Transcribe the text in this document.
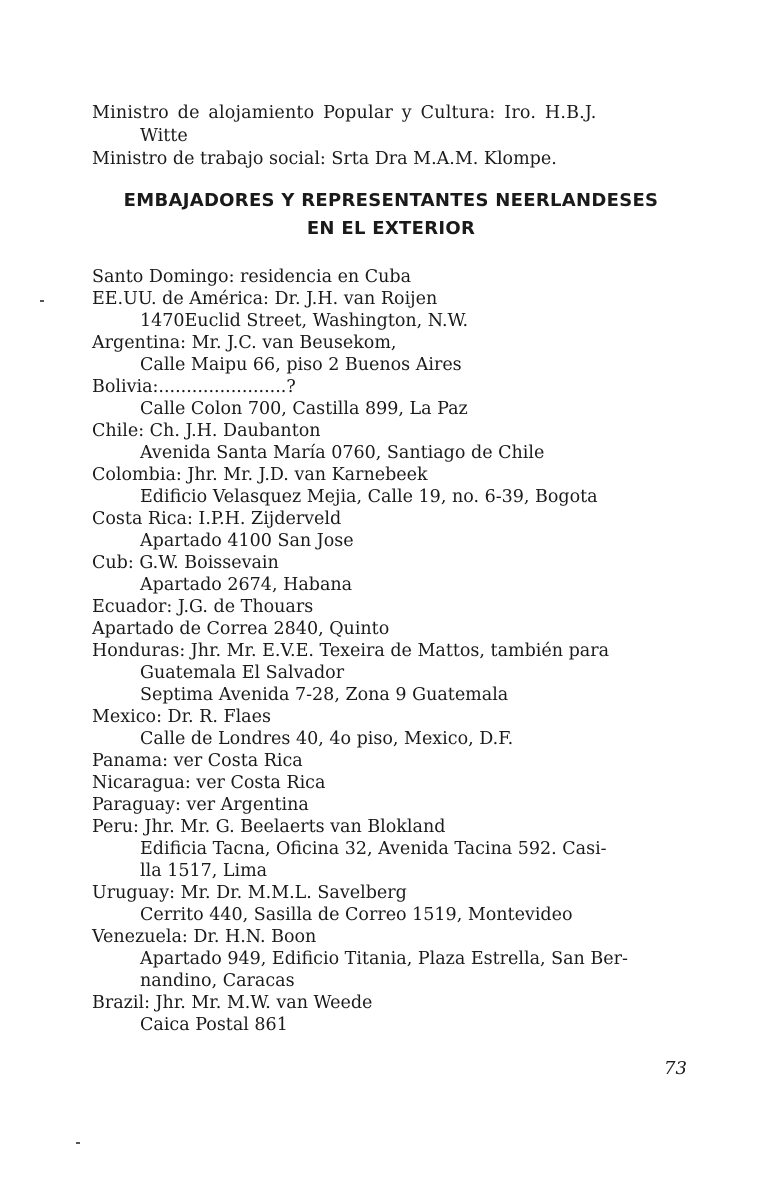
Ministro de alojamiento Popular y Cultura: Iro. H.B.J.
Witte
Ministro de trabajo social: Srta Dra M.A.M. Klompe.
EMBAJADORES Y REPRESENTANTES NEERLANDESES
EN EL EXTERIOR
Santo Domingo: residencia en Cuba
EE.UU. de América: Dr. J.H. van Roijen
1470Euclid Street, Washington, N.W.
Argentina: Mr. J.C. van Beusekom,
Calle Maipu 66, piso 2 Buenos Aires
Bolivia:.......................?
Calle Colon 700, Castilla 899, La Paz
Chile: Ch. J.H. Daubanton
Avenida Santa María 0760, Santiago de Chile
Colombia: Jhr. Mr. J.D. van Karnebeek
Edificio Velasquez Mejia, Calle 19, no. 6-39, Bogota
Costa Rica: I.P.H. Zijderveld
Apartado 4100 San Jose
Cub: G.W. Boissevain
Apartado 2674, Habana
Ecuador: J.G. de Thouars
Apartado de Correa 2840, Quinto
Honduras: Jhr. Mr. E.V.E. Texeira de Mattos, también para
Guatemala El Salvador
Septima Avenida 7-28, Zona 9 Guatemala
Mexico: Dr. R. Flaes
Calle de Londres 40, 4o piso, Mexico, D.F.
Panama: ver Costa Rica
Nicaragua: ver Costa Rica
Paraguay: ver Argentina
Peru: Jhr. Mr. G. Beelaerts van Blokland
Edificia Tacna, Oficina 32, Avenida Tacina 592. Casi-
lla 1517, Lima
Uruguay: Mr. Dr. M.M.L. Savelberg
Cerrito 440, Sasilla de Correo 1519, Montevideo
Venezuela: Dr. H.N. Boon
Apartado 949, Edificio Titania, Plaza Estrella, San Ber-
nandino, Caracas
Brazil: Jhr. Mr. M.W. van Weede
Caica Postal 861
73
